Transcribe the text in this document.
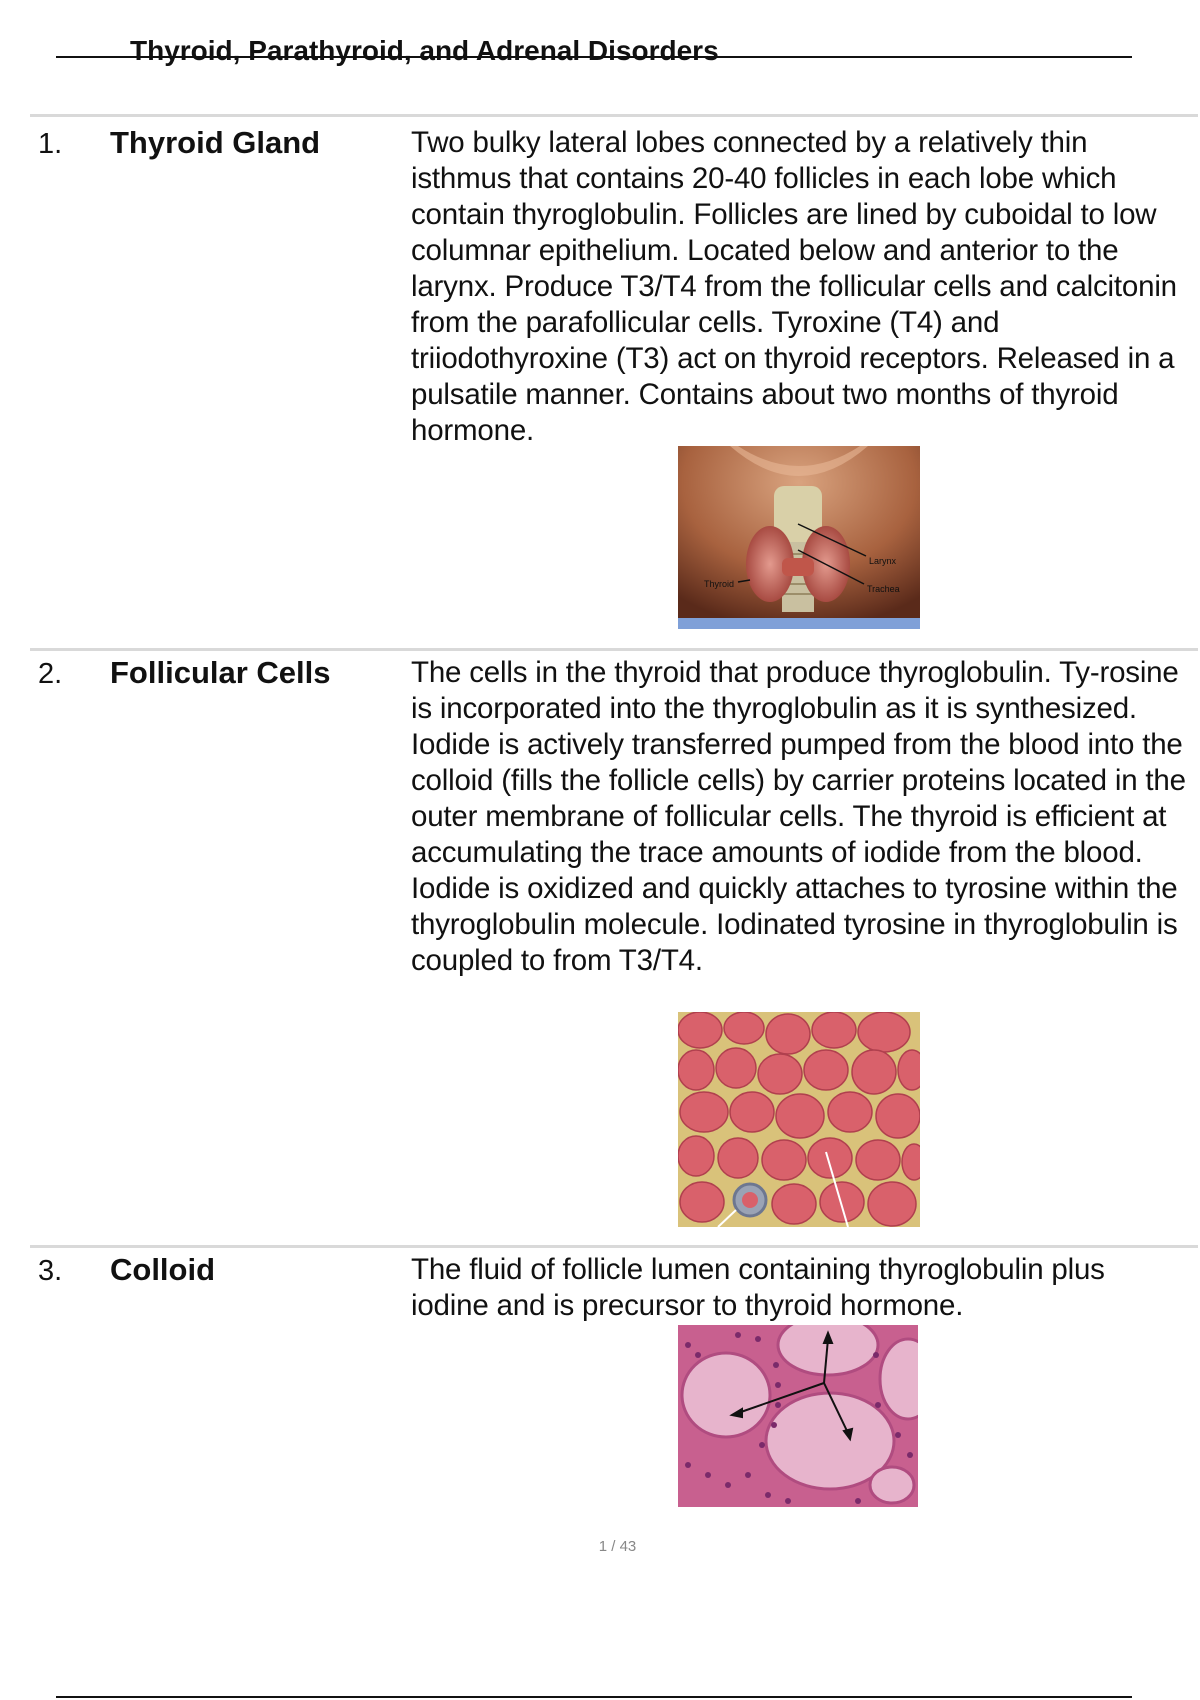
Thyroid, Parathyroid, and Adrenal Disorders
1. Thyroid Gland	Two bulky lateral lobes connected by a relatively thin isthmus that contains 20-40 follicles in each lobe which contain thyroglobulin. Follicles are lined by cuboidal to low columnar epithelium. Located below and anterior to the larynx. Produce T3/T4 from the follicular cells and calcitonin from the parafollicular cells. Tyroxine (T4) and triiodothyroxine (T3) act on thyroid receptors. Released in a pulsatile manner. Contains about two months of thyroid hormone.
Larynx
Trachea
Thyroid
2. Follicular Cells	The cells in the thyroid that produce thyroglobulin. Ty-rosine is incorporated into the thyroglobulin as it is synthesized. Iodide is actively transferred pumped from the blood into the colloid (fills the follicle cells) by carrier proteins located in the outer membrane of follicular cells. The thyroid is efficient at accumulating the trace amounts of iodide from the blood. Iodide is oxidized and quickly attaches to tyrosine within the thyroglobulin molecule. Iodinated tyrosine in thyroglobulin is coupled to from T3/T4.
3. Colloid	The fluid of follicle lumen containing thyroglobulin plus iodine and is precursor to thyroid hormone.
1 / 43
